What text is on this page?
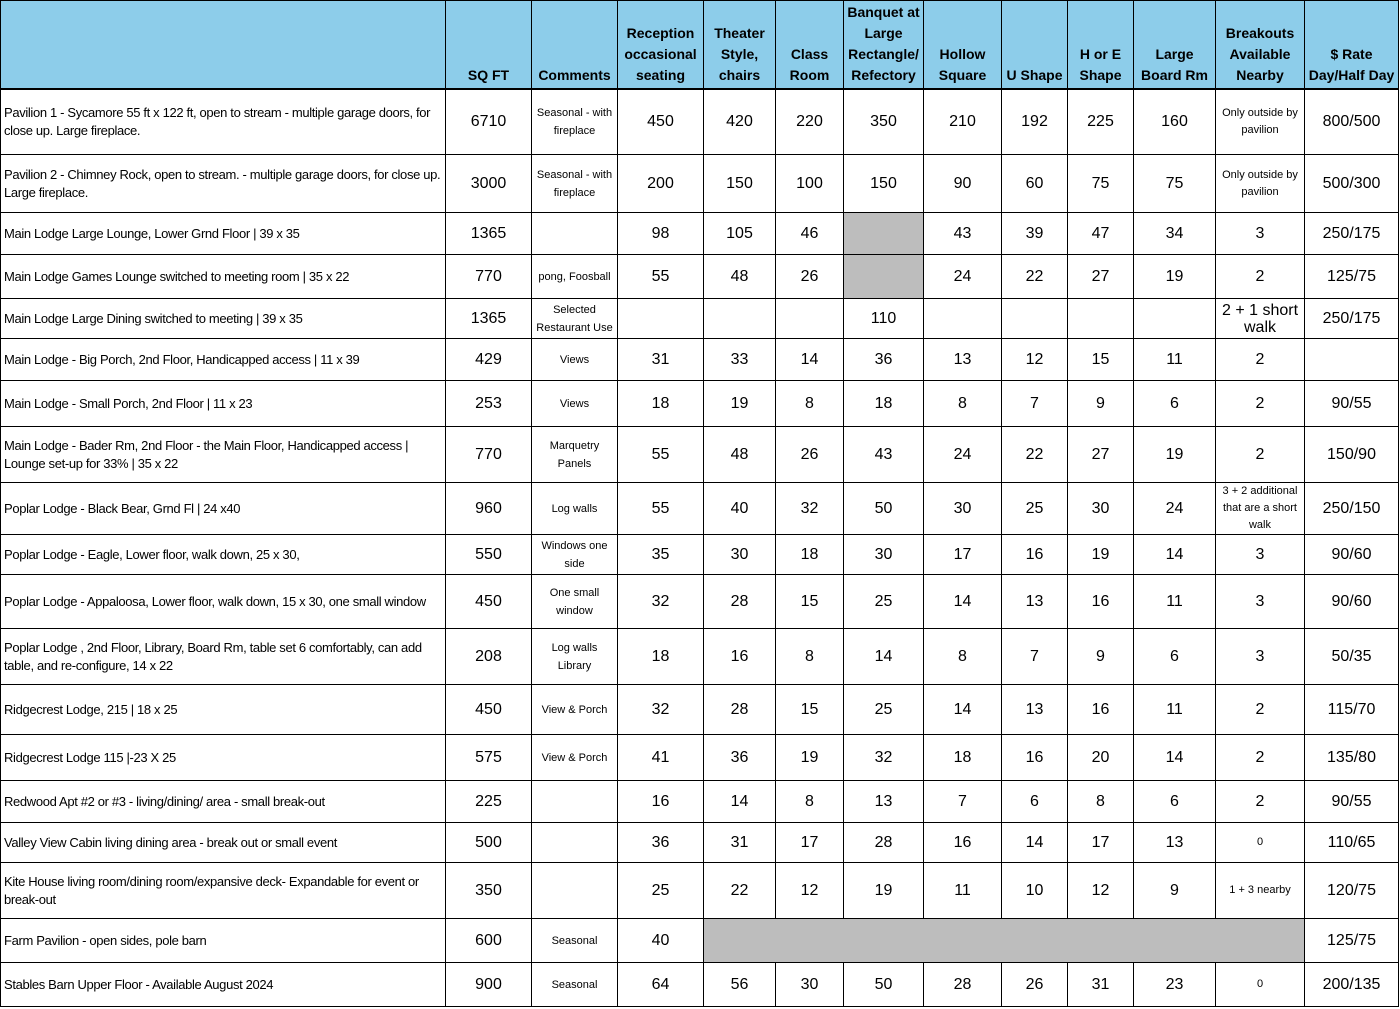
	SQ FT	Comments	Reception occasional seating	Theater Style, chairs	Class Room	Banquet at Large Rectangle/ Refectory	Hollow Square	U Shape	H or E Shape	Large Board Rm	Breakouts Available Nearby	$ Rate Day/Half Day
Pavilion 1 - Sycamore 55 ft x 122 ft, open to stream - multiple garage doors, for close up. Large fireplace.	6710	Seasonal - with fireplace	450	420	220	350	210	192	225	160	Only outside by pavilion	800/500
Pavilion 2 - Chimney Rock, open to stream. - multiple garage doors, for close up. Large fireplace.	3000	Seasonal - with fireplace	200	150	100	150	90	60	75	75	Only outside by pavilion	500/300
Main Lodge Large Lounge, Lower Grnd Floor | 39 x 35	1365		98	105	46		43	39	47	34	3	250/175
Main Lodge Games Lounge switched to meeting room | 35 x 22	770	pong, Foosball	55	48	26		24	22	27	19	2	125/75
Main Lodge Large Dining switched to meeting | 39 x 35	1365	Selected Restaurant Use				110					2 + 1 short walk	250/175
Main Lodge - Big Porch, 2nd Floor, Handicapped access | 11 x 39	429	Views	31	33	14	36	13	12	15	11	2	
Main Lodge - Small Porch, 2nd Floor | 11 x 23	253	Views	18	19	8	18	8	7	9	6	2	90/55
Main Lodge - Bader Rm, 2nd Floor - the Main Floor, Handicapped access | Lounge set-up for 33% | 35 x 22	770	Marquetry Panels	55	48	26	43	24	22	27	19	2	150/90
Poplar Lodge - Black Bear, Grnd Fl | 24 x40	960	Log walls	55	40	32	50	30	25	30	24	3 + 2 additional that are a short walk	250/150
Poplar Lodge - Eagle, Lower floor, walk down, 25 x 30,	550	Windows one side	35	30	18	30	17	16	19	14	3	90/60
Poplar Lodge - Appaloosa, Lower floor, walk down, 15 x 30, one small window	450	One small window	32	28	15	25	14	13	16	11	3	90/60
Poplar Lodge , 2nd Floor, Library, Board Rm, table set 6 comfortably, can add table, and re-configure, 14 x 22	208	Log walls Library	18	16	8	14	8	7	9	6	3	50/35
Ridgecrest Lodge, 215 | 18 x 25	450	View & Porch	32	28	15	25	14	13	16	11	2	115/70
Ridgecrest Lodge 115 |-23 X 25	575	View & Porch	41	36	19	32	18	16	20	14	2	135/80
Redwood Apt #2 or #3 - living/dining/ area - small break-out	225		16	14	8	13	7	6	8	6	2	90/55
Valley View Cabin living dining area - break out or small event	500		36	31	17	28	16	14	17	13	0	110/65
Kite House living room/dining room/expansive deck- Expandable for event or break-out	350		25	22	12	19	11	10	12	9	1 + 3 nearby	120/75
Farm Pavilion - open sides, pole barn	600	Seasonal	40									125/75
Stables Barn Upper Floor - Available August 2024	900	Seasonal	64	56	30	50	28	26	31	23	0	200/135
